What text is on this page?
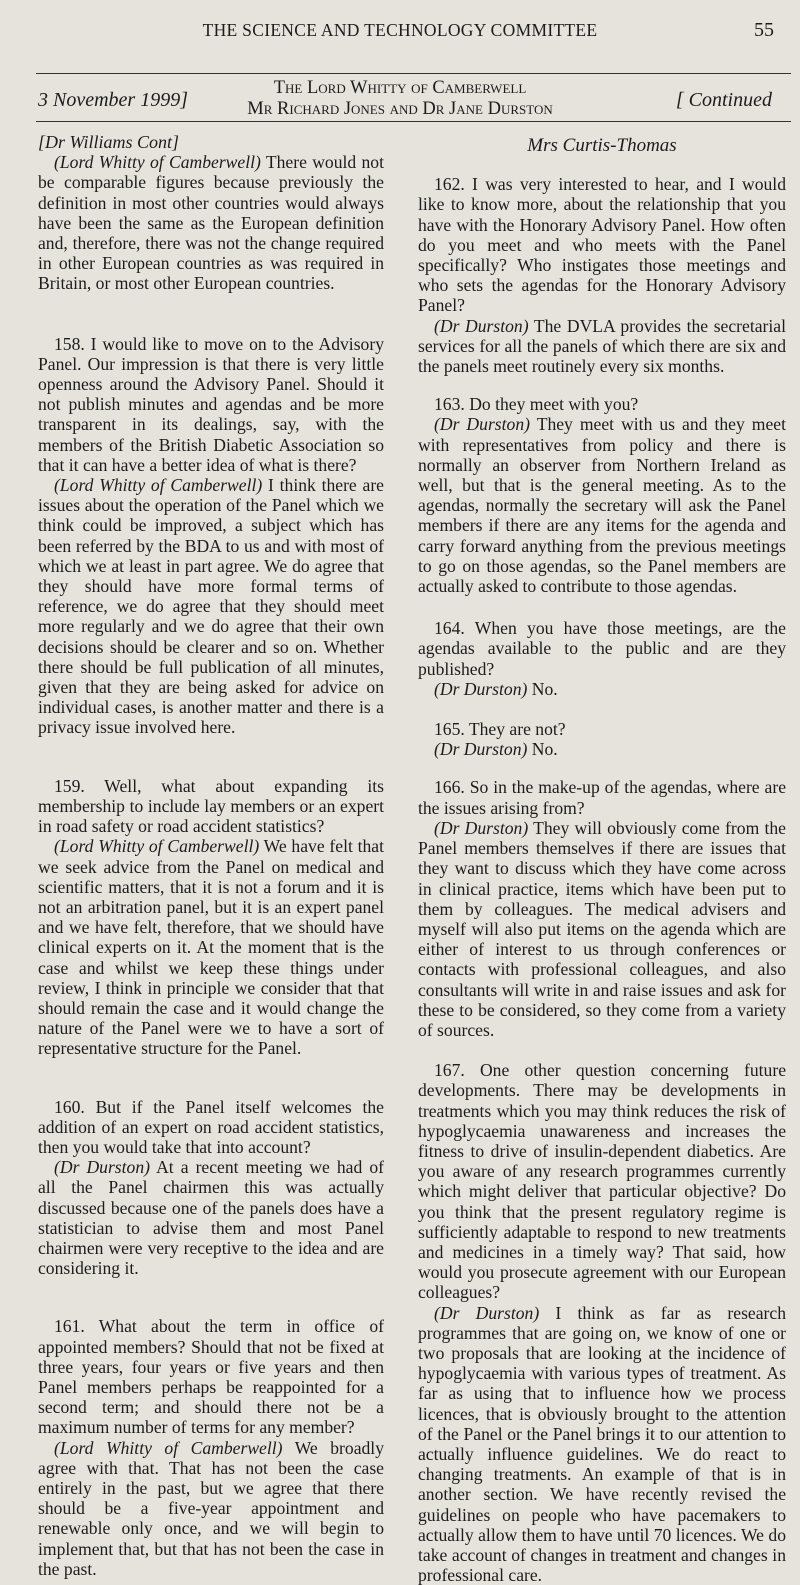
THE SCIENCE AND TECHNOLOGY COMMITTEE	55
3 November 1999]
The Lord Whitty of Camberwell
Mr Richard Jones and Dr Jane Durston	[ Continued

[Dr Williams Cont]

(Lord Whitty of Camberwell) There would not be comparable figures because previously the definition in most other countries would always have been the same as the European definition and, therefore, there was not the change required in other European countries as was required in Britain, or most other European countries.

158. I would like to move on to the Advisory Panel. Our impression is that there is very little openness around the Advisory Panel. Should it not publish minutes and agendas and be more transparent in its dealings, say, with the members of the British Diabetic Association so that it can have a better idea of what is there?

(Lord Whitty of Camberwell) I think there are issues about the operation of the Panel which we think could be improved, a subject which has been referred by the BDA to us and with most of which we at least in part agree. We do agree that they should have more formal terms of reference, we do agree that they should meet more regularly and we do agree that their own decisions should be clearer and so on. Whether there should be full publication of all minutes, given that they are being asked for advice on individual cases, is another matter and there is a privacy issue involved here.

159. Well, what about expanding its membership to include lay members or an expert in road safety or road accident statistics?

(Lord Whitty of Camberwell) We have felt that we seek advice from the Panel on medical and scientific matters, that it is not a forum and it is not an arbitration panel, but it is an expert panel and we have felt, therefore, that we should have clinical experts on it. At the moment that is the case and whilst we keep these things under review, I think in principle we consider that that should remain the case and it would change the nature of the Panel were we to have a sort of representative structure for the Panel.

160. But if the Panel itself welcomes the addition of an expert on road accident statistics, then you would take that into account?

(Dr Durston) At a recent meeting we had of all the Panel chairmen this was actually discussed because one of the panels does have a statistician to advise them and most Panel chairmen were very receptive to the idea and are considering it.

161. What about the term in office of appointed members? Should that not be fixed at three years, four years or five years and then Panel members perhaps be reappointed for a second term; and should there not be a maximum number of terms for any member?

(Lord Whitty of Camberwell) We broadly agree with that. That has not been the case entirely in the past, but we agree that there should be a five-year appointment and renewable only once, and we will begin to implement that, but that has not been the case in the past.

Mrs Curtis-Thomas

162. I was very interested to hear, and I would like to know more, about the relationship that you have with the Honorary Advisory Panel. How often do you meet and who meets with the Panel specifically? Who instigates those meetings and who sets the agendas for the Honorary Advisory Panel?

(Dr Durston) The DVLA provides the secretarial services for all the panels of which there are six and the panels meet routinely every six months.

163. Do they meet with you?

(Dr Durston) They meet with us and they meet with representatives from policy and there is normally an observer from Northern Ireland as well, but that is the general meeting. As to the agendas, normally the secretary will ask the Panel members if there are any items for the agenda and carry forward anything from the previous meetings to go on those agendas, so the Panel members are actually asked to contribute to those agendas.

164. When you have those meetings, are the agendas available to the public and are they published?

(Dr Durston) No.

165. They are not?

(Dr Durston) No.

166. So in the make-up of the agendas, where are the issues arising from?

(Dr Durston) They will obviously come from the Panel members themselves if there are issues that they want to discuss which they have come across in clinical practice, items which have been put to them by colleagues. The medical advisers and myself will also put items on the agenda which are either of interest to us through conferences or contacts with professional colleagues, and also consultants will write in and raise issues and ask for these to be considered, so they come from a variety of sources.

167. One other question concerning future developments. There may be developments in treatments which you may think reduces the risk of hypoglycaemia unawareness and increases the fitness to drive of insulin-dependent diabetics. Are you aware of any research programmes currently which might deliver that particular objective? Do you think that the present regulatory regime is sufficiently adaptable to respond to new treatments and medicines in a timely way? That said, how would you prosecute agreement with our European colleagues?

(Dr Durston) I think as far as research programmes that are going on, we know of one or two proposals that are looking at the incidence of hypoglycaemia with various types of treatment. As far as using that to influence how we process licences, that is obviously brought to the attention of the Panel or the Panel brings it to our attention to actually influence guidelines. We do react to changing treatments. An example of that is in another section. We have recently revised the guidelines on people who have pacemakers to actually allow them to have until 70 licences. We do take account of changes in treatment and changes in professional care.
